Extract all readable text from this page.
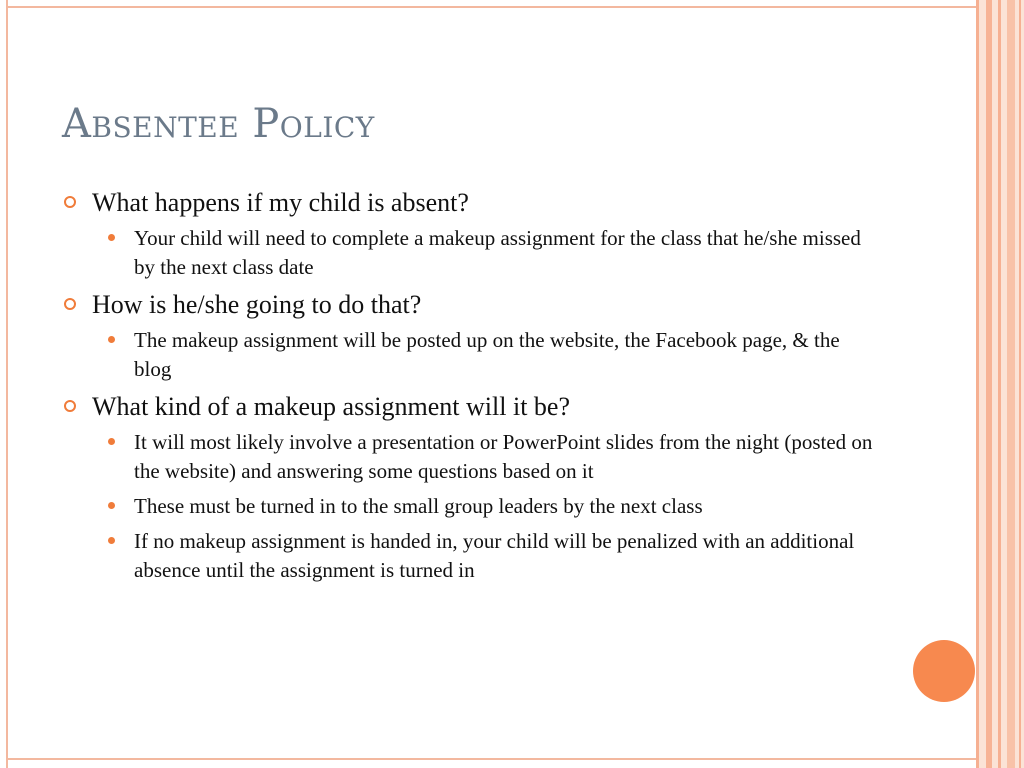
Absentee Policy
What happens if my child is absent?
Your child will need to complete a makeup assignment for the class that he/she missed by the next class date
How is he/she going to do that?
The makeup assignment will be posted up on the website, the Facebook page, & the blog
What kind of a makeup assignment will it be?
It will most likely involve a presentation or PowerPoint slides from the night (posted on the website) and answering some questions based on it
These must be turned in to the small group leaders by the next class
If no makeup assignment is handed in, your child will be penalized with an additional absence until the assignment is turned in
